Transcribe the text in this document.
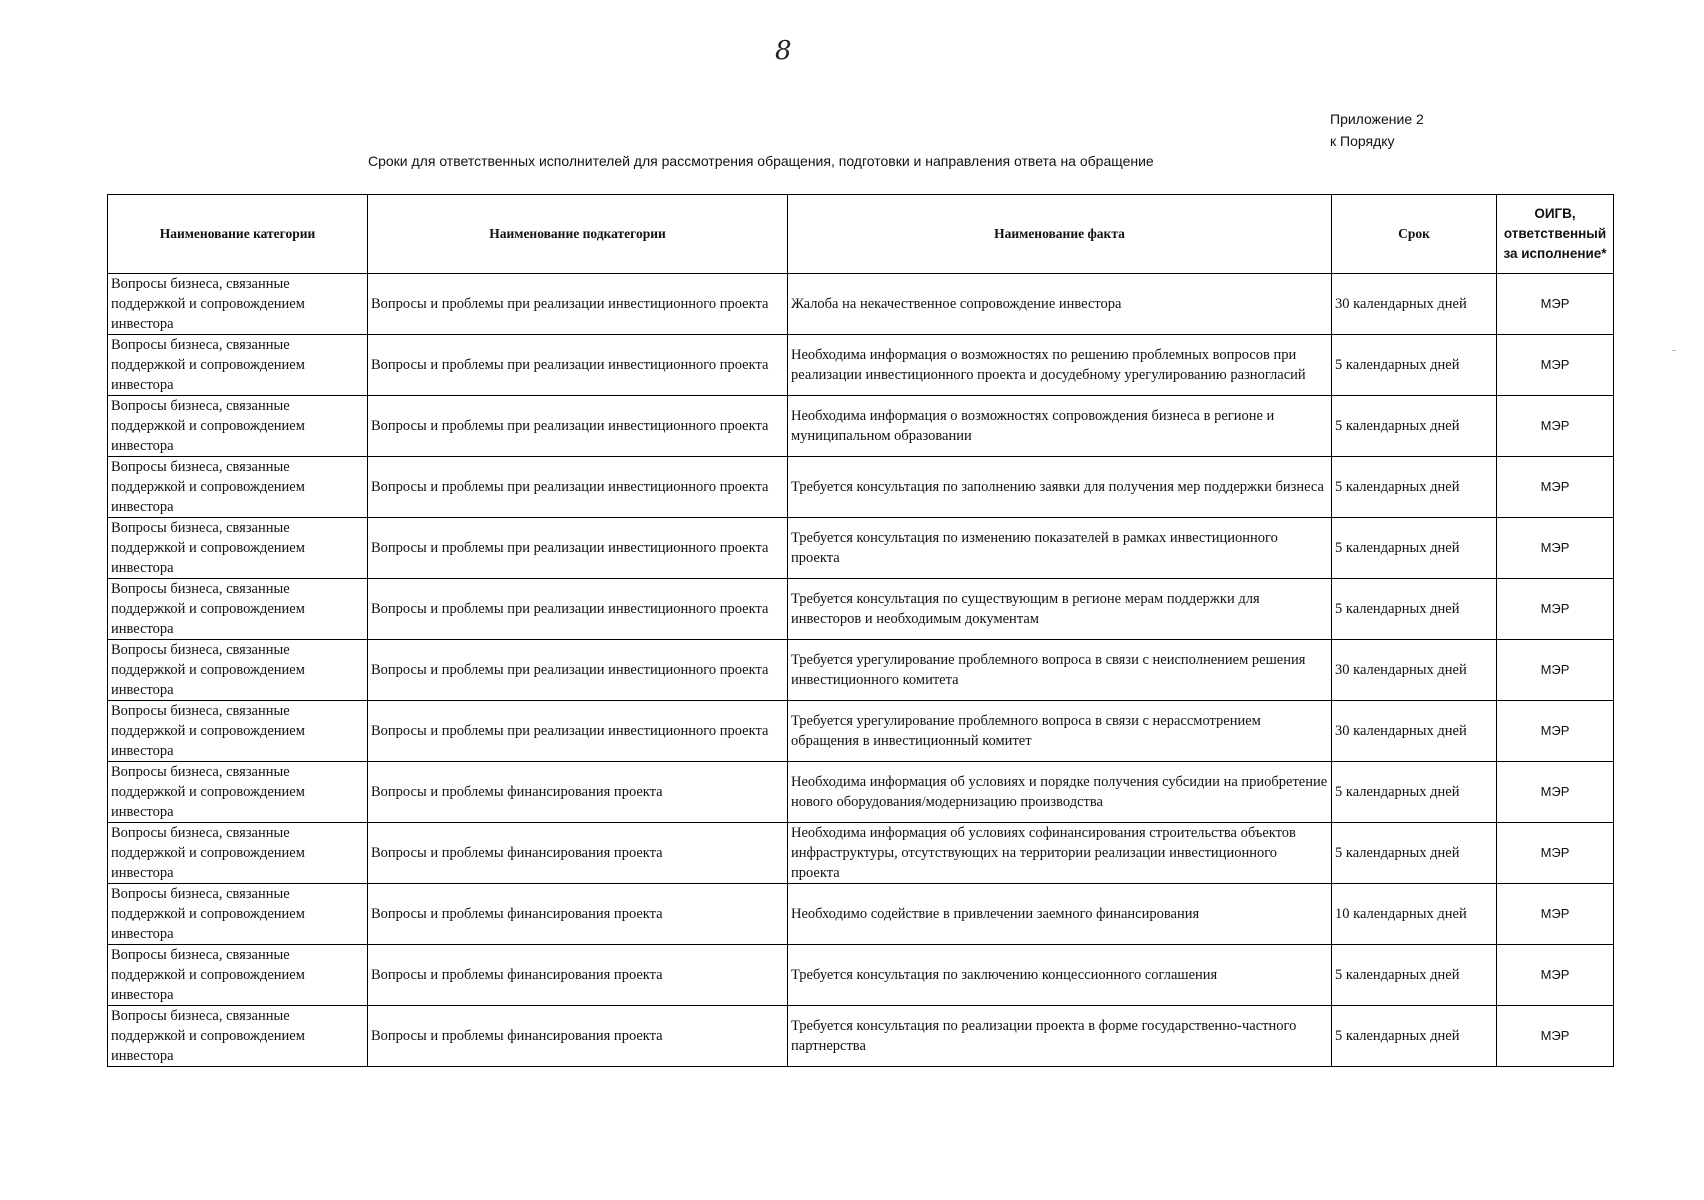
8
Приложение 2
к Порядку
Сроки для ответственных исполнителей для рассмотрения обращения, подготовки и направления ответа на обращение
Наименование категории	Наименование подкатегории	Наименование факта	Срок	ОИГВ,
ответственный
за исполнение*

Вопросы бизнеса, связанные поддержкой и сопровождением инвестора	Вопросы и проблемы при реализации инвестиционного проекта	Жалоба на некачественное сопровождение инвестора	30 календарных дней	МЭР
Вопросы бизнеса, связанные поддержкой и сопровождением инвестора	Вопросы и проблемы при реализации инвестиционного проекта	Необходима информация о возможностях по решению проблемных вопросов при реализации инвестиционного проекта и досудебному урегулированию разногласий	5 календарных дней	МЭР
Вопросы бизнеса, связанные поддержкой и сопровождением инвестора	Вопросы и проблемы при реализации инвестиционного проекта	Необходима информация о возможностях сопровождения бизнеса в регионе и муниципальном образовании	5 календарных дней	МЭР
Вопросы бизнеса, связанные поддержкой и сопровождением инвестора	Вопросы и проблемы при реализации инвестиционного проекта	Требуется консультация по заполнению заявки для получения мер поддержки бизнеса	5 календарных дней	МЭР
Вопросы бизнеса, связанные поддержкой и сопровождением инвестора	Вопросы и проблемы при реализации инвестиционного проекта	Требуется консультация по изменению показателей в рамках инвестиционного проекта	5 календарных дней	МЭР
Вопросы бизнеса, связанные поддержкой и сопровождением инвестора	Вопросы и проблемы при реализации инвестиционного проекта	Требуется консультация по существующим в регионе мерам поддержки для инвесторов и необходимым документам	5 календарных дней	МЭР
Вопросы бизнеса, связанные поддержкой и сопровождением инвестора	Вопросы и проблемы при реализации инвестиционного проекта	Требуется урегулирование проблемного вопроса в связи с неисполнением решения инвестиционного комитета	30 календарных дней	МЭР
Вопросы бизнеса, связанные поддержкой и сопровождением инвестора	Вопросы и проблемы при реализации инвестиционного проекта	Требуется урегулирование проблемного вопроса в связи с нерассмотрением обращения в инвестиционный комитет	30 календарных дней	МЭР
Вопросы бизнеса, связанные поддержкой и сопровождением инвестора	Вопросы и проблемы финансирования проекта	Необходима информация об условиях и порядке получения субсидии на приобретение нового оборудования/модернизацию производства	5 календарных дней	МЭР
Вопросы бизнеса, связанные поддержкой и сопровождением инвестора	Вопросы и проблемы финансирования проекта	Необходима информация об условиях софинансирования строительства объектов инфраструктуры, отсутствующих на территории реализации инвестиционного проекта	5 календарных дней	МЭР
Вопросы бизнеса, связанные поддержкой и сопровождением инвестора	Вопросы и проблемы финансирования проекта	Необходимо содействие в привлечении заемного финансирования	10 календарных дней	МЭР
Вопросы бизнеса, связанные поддержкой и сопровождением инвестора	Вопросы и проблемы финансирования проекта	Требуется консультация по заключению концессионного соглашения	5 календарных дней	МЭР
Вопросы бизнеса, связанные поддержкой и сопровождением инвестора	Вопросы и проблемы финансирования проекта	Требуется консультация по реализации проекта в форме государственно-частного партнерства	5 календарных дней	МЭР
